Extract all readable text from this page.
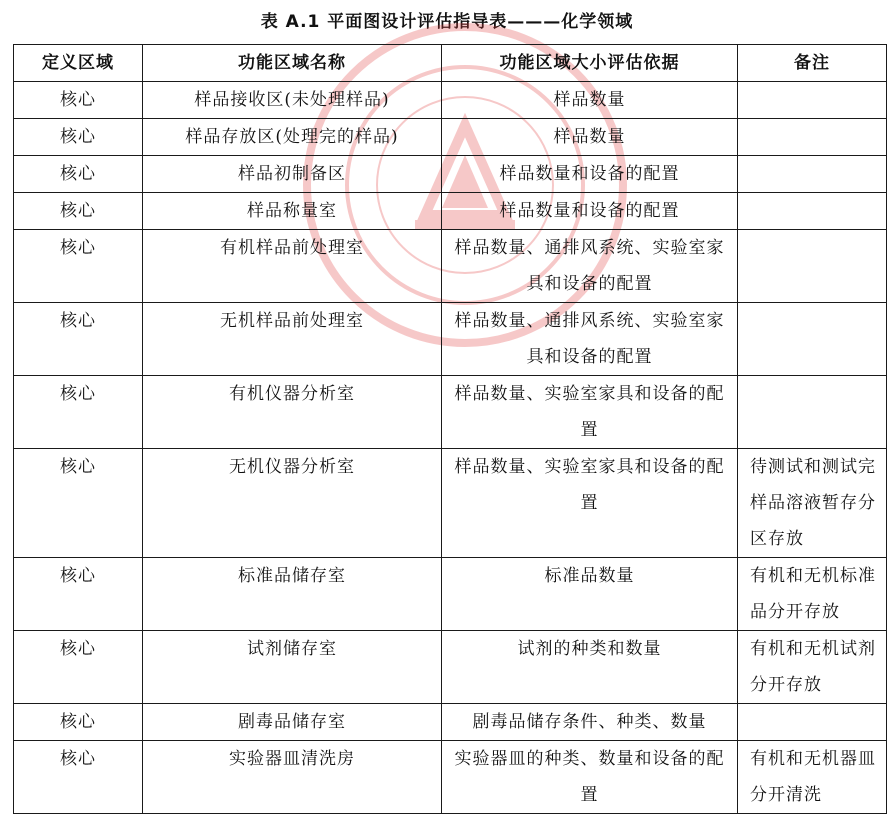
表 A.1 平面图设计评估指导表———化学领域
定义区域	功能区域名称	功能区域大小评估依据	备注
核心	样品接收区(未处理样品)	样品数量	
核心	样品存放区(处理完的样品)	样品数量	
核心	样品初制备区	样品数量和设备的配置	
核心	样品称量室	样品数量和设备的配置	
核心	有机样品前处理室	样品数量、通排风系统、实验室家具和设备的配置	
核心	无机样品前处理室	样品数量、通排风系统、实验室家具和设备的配置	
核心	有机仪器分析室	样品数量、实验室家具和设备的配置	
核心	无机仪器分析室	样品数量、实验室家具和设备的配置	待测试和测试完样品溶液暂存分区存放
核心	标准品储存室	标准品数量	有机和无机标准品分开存放
核心	试剂储存室	试剂的种类和数量	有机和无机试剂分开存放
核心	剧毒品储存室	剧毒品储存条件、种类、数量	
核心	实验器皿清洗房	实验器皿的种类、数量和设备的配置	有机和无机器皿分开清洗
